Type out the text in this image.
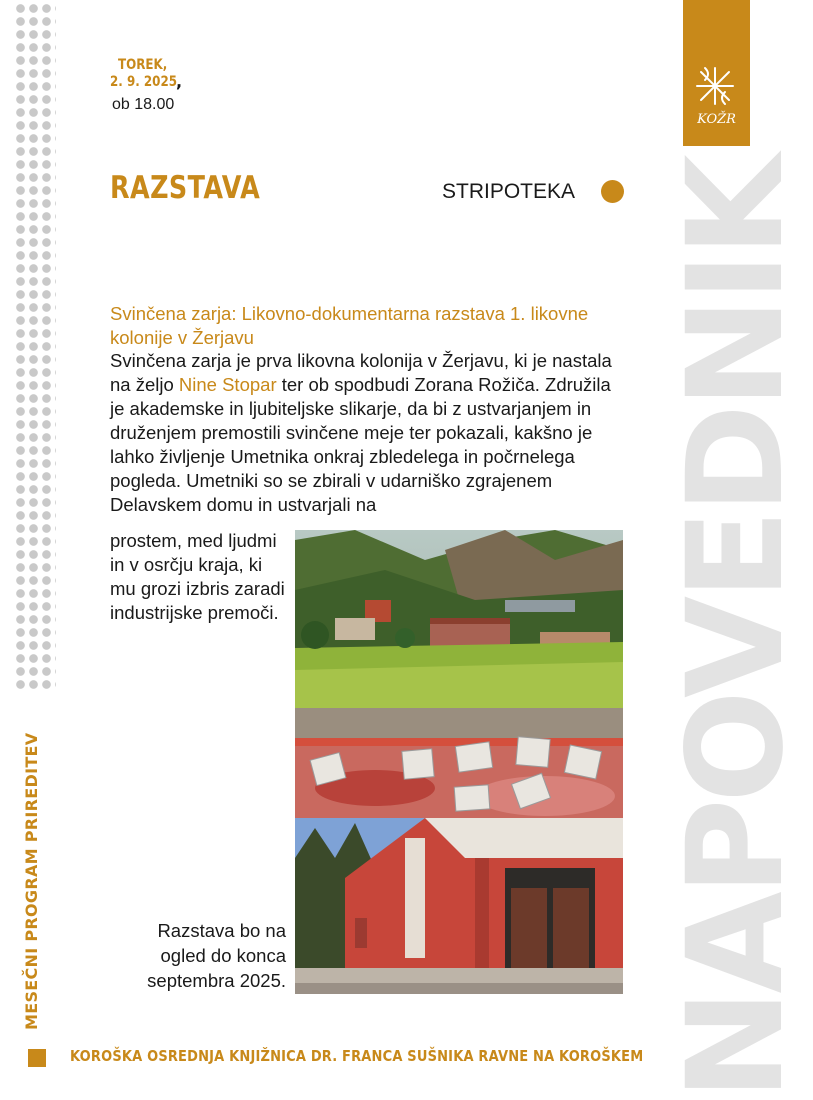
NAPOVEDNIK
KOŽR
TOREK,
2. 9. 2025
,
ob 18.00
RAZSTAVA	STRIPOTEKA
Svinčena zarja: Likovno-dokumentarna razstava 1. likovne kolonije v Žerjavu
Svinčena zarja je prva likovna kolonija v Žerjavu, ki je nastala na željo Nine Stopar ter ob spodbudi Zorana Rožiča. Združila je akademske in ljubiteljske slikarje, da bi z ustvarjanjem in druženjem premostili svinčene meje ter pokazali, kakšno je lahko življenje Umetnika onkraj zbledelega in počrnelega pogleda. Umetniki so se zbirali v udarniško zgrajenem Delavskem domu in ustvarjali na
prostem, med ljudmi in v osrčju kraja, ki mu grozi izbris zaradi industrijske premoči.
Razstava bo na ogled do konca septembra 2025.
MESEČNI PROGRAM PRIREDITEV
KOROŠKA OSREDNJA KNJIŽNICA DR. FRANCA SUŠNIKA RAVNE NA KOROŠKEM
